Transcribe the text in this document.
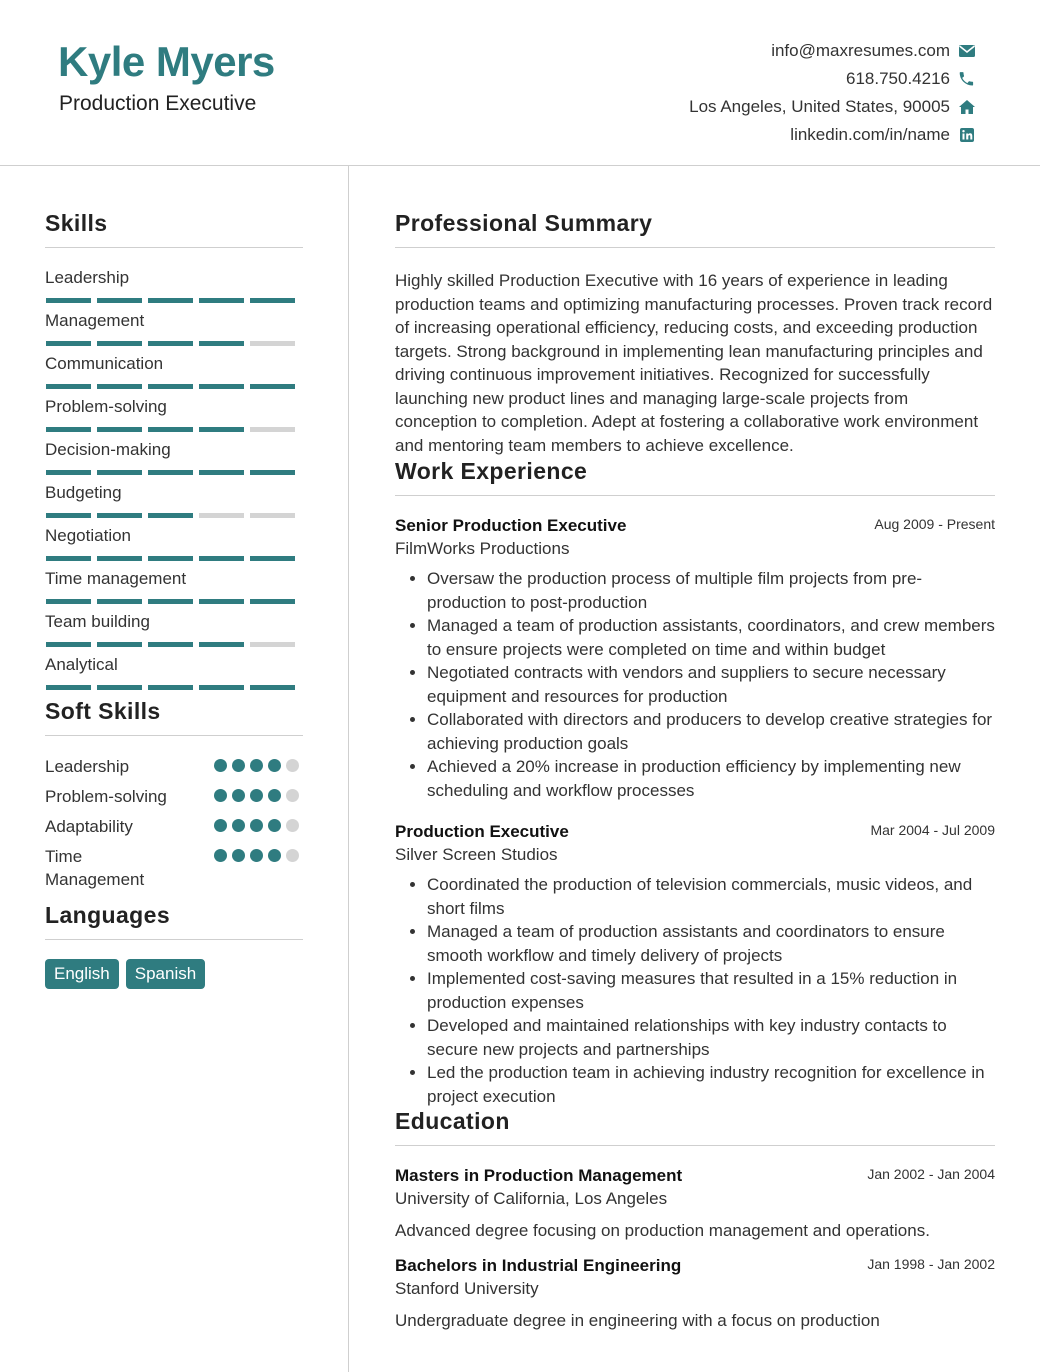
Kyle Myers
Production Executive
info@maxresumes.com
618.750.4216
Los Angeles, United States, 90005
linkedin.com/in/name
Skills
Leadership
Management
Communication
Problem-solving
Decision-making
Budgeting
Negotiation
Time management
Team building
Analytical
Soft Skills
Leadership
Problem-solving
Adaptability
Time Management
Languages
English	Spanish
Professional Summary

Highly skilled Production Executive with 16 years of experience in leading production teams and optimizing manufacturing processes. Proven track record of increasing operational efficiency, reducing costs, and exceeding production targets. Strong background in implementing lean manufacturing principles and driving continuous improvement initiatives. Recognized for successfully launching new product lines and managing large-scale projects from conception to completion. Adept at fostering a collaborative work environment and mentoring team members to achieve excellence.

Work Experience
Senior Production Executive	Aug 2009 - Present
FilmWorks Productions
• Oversaw the production process of multiple film projects from pre-production to post-production
• Managed a team of production assistants, coordinators, and crew members to ensure projects were completed on time and within budget
• Negotiated contracts with vendors and suppliers to secure necessary equipment and resources for production
• Collaborated with directors and producers to develop creative strategies for achieving production goals
• Achieved a 20% increase in production efficiency by implementing new scheduling and workflow processes
Production Executive	Mar 2004 - Jul 2009
Silver Screen Studios
• Coordinated the production of television commercials, music videos, and short films
• Managed a team of production assistants and coordinators to ensure smooth workflow and timely delivery of projects
• Implemented cost-saving measures that resulted in a 15% reduction in production expenses
• Developed and maintained relationships with key industry contacts to secure new projects and partnerships
• Led the production team in achieving industry recognition for excellence in project execution
Education
Masters in Production Management	Jan 2002 - Jan 2004
University of California, Los Angeles
Advanced degree focusing on production management and operations.
Bachelors in Industrial Engineering	Jan 1998 - Jan 2002
Stanford University
Undergraduate degree in engineering with a focus on production
